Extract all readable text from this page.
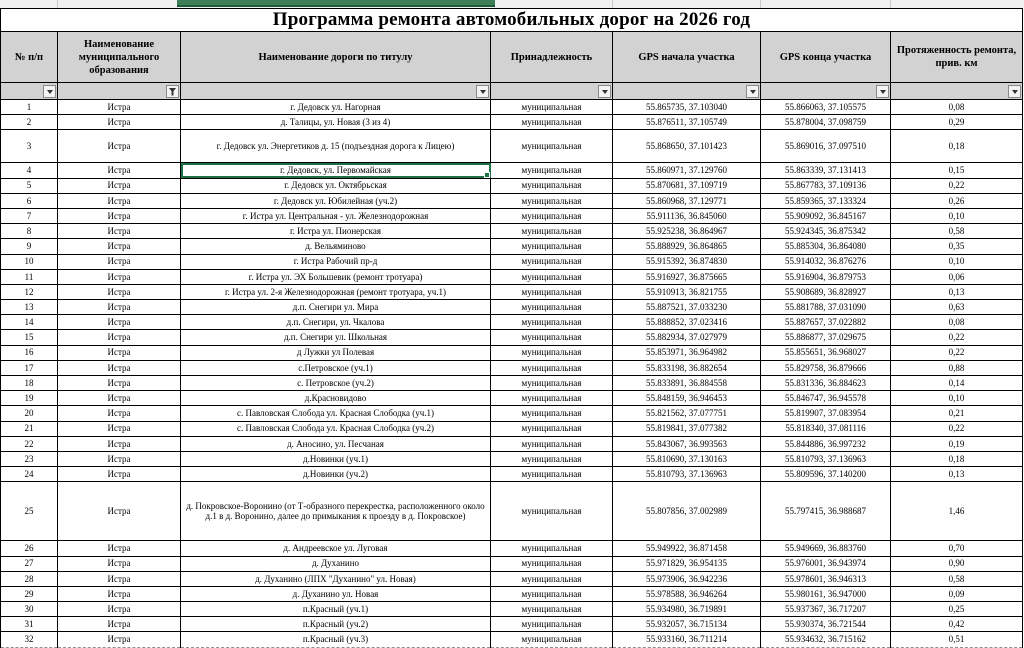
Программа ремонта автомобильных дорог на 2026 год						
№ п/п	Наименование муниципального образования	Наименование дороги по титулу	Принадлежность	GPS начала участка	GPS конца участка	Протяженность ремонта, прив. км

1	Истра	г. Дедовск ул. Нагорная	муниципальная	55.865735, 37.103040	55.866063, 37.105575	0,08
2	Истра	д. Талицы, ул. Новая (3 из 4)	муниципальная	55.876511, 37.105749	55.878004, 37.098759	0,29
3	Истра	г. Дедовск ул. Энергетиков д. 15 (подъездная дорога к Лицею)	муниципальная	55.868650, 37.101423	55.869016, 37.097510	0,18
4	Истра	г. Дедовск, ул. Первомайская	муниципальная	55.860971, 37.129760	55.863339, 37.131413	0,15
5	Истра	г. Дедовск ул. Октябрьская	муниципальная	55.870681, 37.109719	55.867783, 37.109136	0,22
6	Истра	г. Дедовск ул. Юбилейная (уч.2)	муниципальная	55.860968, 37.129771	55.859365, 37.133324	0,26
7	Истра	г. Истра ул. Центральная - ул. Железнодорожная	муниципальная	55.911136, 36.845060	55.909092, 36.845167	0,10
8	Истра	г. Истра ул. Пионерская	муниципальная	55.925238, 36.864967	55.924345, 36.875342	0,58
9	Истра	д. Вельяминово	муниципальная	55.888929, 36.864865	55.885304, 36.864080	0,35
10	Истра	г. Истра Рабочий пр-д	муниципальная	55.915392, 36.874830	55.914032, 36.876276	0,10
11	Истра	г. Истра ул. ЭХ Большевик (ремонт тротуара)	муниципальная	55.916927, 36.875665	55.916904, 36.879753	0,06
12	Истра	г. Истра ул. 2-я Железнодорожная (ремонт тротуара, уч.1)	муниципальная	55.910913, 36.821755	55.908689, 36.828927	0,13
13	Истра	д.п. Снегири ул. Мира	муниципальная	55.887521, 37.033230	55.881788, 37.031090	0,63
14	Истра	д.п. Снегири, ул. Чкалова	муниципальная	55.888852, 37.023416	55.887657, 37.022882	0,08
15	Истра	д.п. Снегири ул. Школьная	муниципальная	55.882934, 37.027979	55.886877, 37.029675	0,22
16	Истра	д Лужки ул Полевая	муниципальная	55.853971, 36.964982	55.855651, 36.968027	0,22
17	Истра	с.Петровское (уч.1)	муниципальная	55.833198, 36.882654	55.829758, 36.879666	0,88
18	Истра	с. Петровское (уч.2)	муниципальная	55.833891, 36.884558	55.831336, 36.884623	0,14
19	Истра	д.Красновидово	муниципальная	55.848159, 36.946453	55.846747, 36.945578	0,10
20	Истра	с. Павловская Слобода ул. Красная Слободка (уч.1)	муниципальная	55.821562, 37.077751	55.819907, 37.083954	0,21
21	Истра	с. Павловская Слобода ул. Красная Слободка (уч.2)	муниципальная	55.819841, 37.077382	55.818340, 37.081116	0,22
22	Истра	д. Аносино, ул. Песчаная	муниципальная	55.843067, 36.993563	55.844886, 36.997232	0,19
23	Истра	д.Новинки (уч.1)	муниципальная	55.810690, 37.130163	55.810793, 37.136963	0,18
24	Истра	д.Новинки (уч.2)	муниципальная	55.810793, 37.136963	55.809596, 37.140200	0,13
25	Истра	д. Покровское-Воронино (от Т-образного перекрестка, расположенного около д.1 в д. Воронино, далее до примыкания к проезду в д. Покровское)	муниципальная	55.807856, 37.002989	55.797415, 36.988687	1,46
26	Истра	д. Андреевское ул. Луговая	муниципальная	55.949922, 36.871458	55.949669, 36.883760	0,70
27	Истра	д. Духанино	муниципальная	55.971829, 36.954135	55.976001, 36.943974	0,90
28	Истра	д. Духанино (ЛПХ "Духанино" ул. Новая)	муниципальная	55.973906, 36.942236	55.978601, 36.946313	0,58
29	Истра	д. Духанино ул. Новая	муниципальная	55.978588, 36.946264	55.980161, 36.947000	0,09
30	Истра	п.Красный (уч.1)	муниципальная	55.934980, 36.719891	55.937367, 36.717207	0,25
31	Истра	п.Красный (уч.2)	муниципальная	55.932057, 36.715134	55.930374, 36.721544	0,42
32	Истра	п.Красный (уч.3)	муниципальная	55.933160, 36.711214	55.934632, 36.715162	0,51
